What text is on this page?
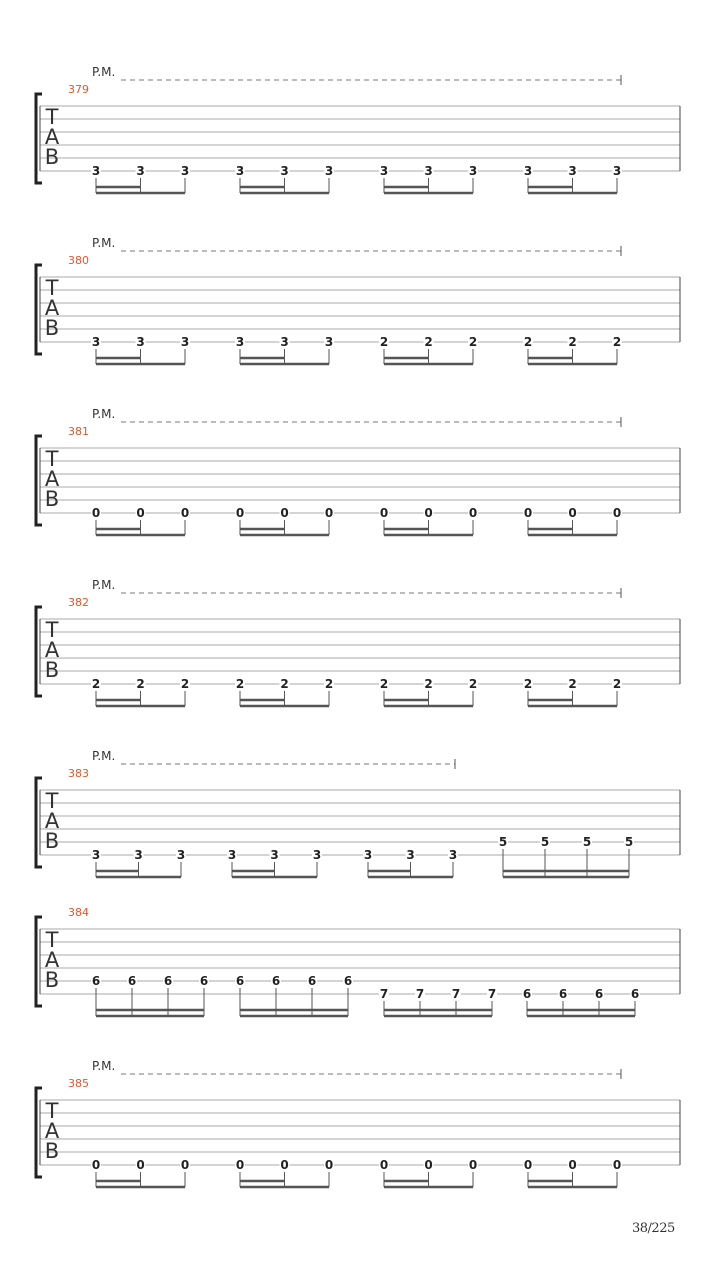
P.M.
379
T
A
B
3	3	3	3	3	3	3	3	3	3	3	3
P.M.
380
T
A
B
3	3	3	3	3	3	2	2	2	2	2	2
P.M.
381
T
A
B
0	0	0	0	0	0	0	0	0	0	0	0
P.M.
382
T
A
B
2	2	2	2	2	2	2	2	2	2	2	2
P.M.
383
T
A
B
3	3	3	3	3	3	3	3	3
5	5	5	5
384
T
A
B	6 6 6 6 6 6 6 6
7 7 7 7 6 6 6 6
P.M.
385
T
A
B
0	0	0	0	0	0	0	0	0	0	0	0
38/225
